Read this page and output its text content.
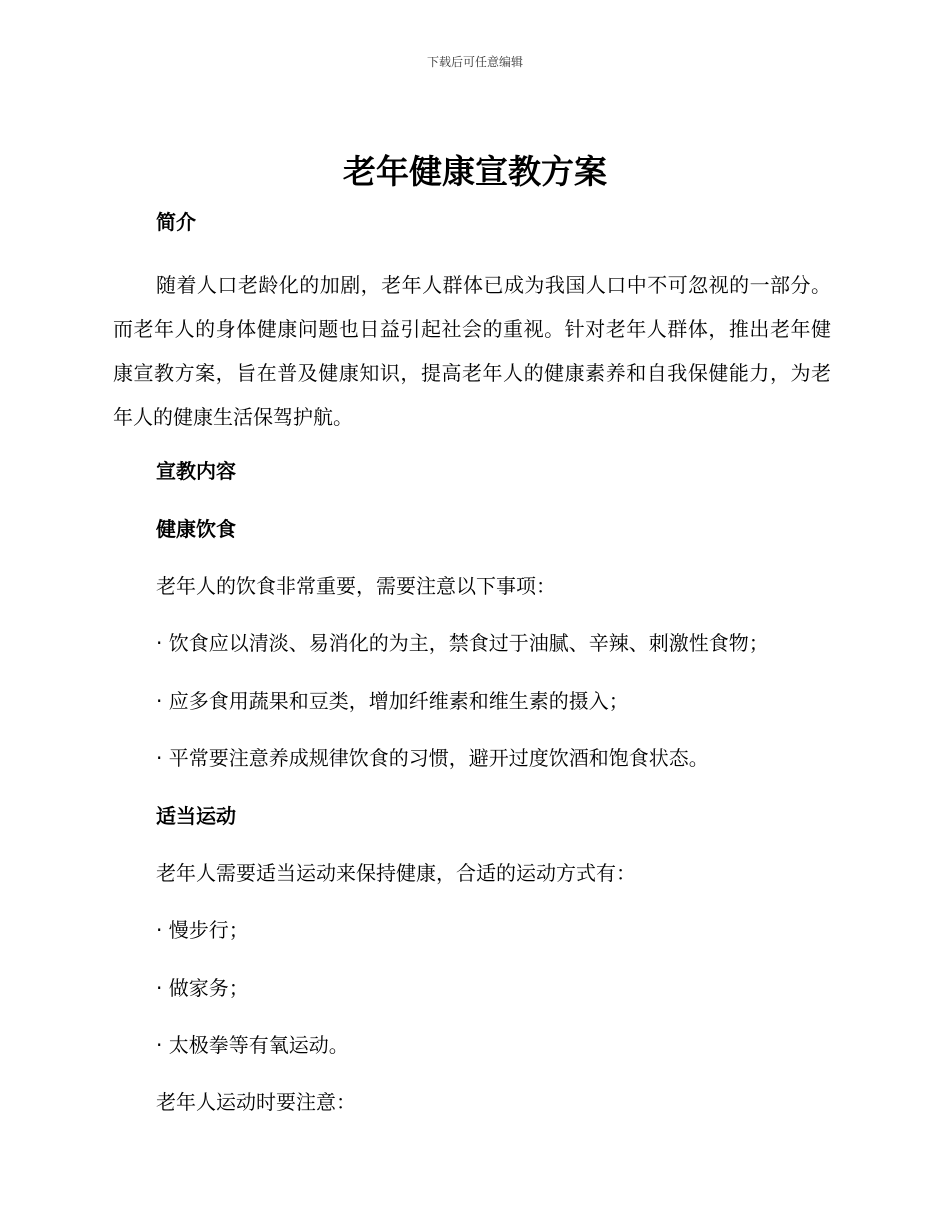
下载后可任意编辑
老年健康宣教方案
简介

随着人口老龄化的加剧，老年人群体已成为我国人口中不可忽视的一部分。而老年人的身体健康问题也日益引起社会的重视。针对老年人群体，推出老年健康宣教方案，旨在普及健康知识，提高老年人的健康素养和自我保健能力，为老年人的健康生活保驾护航。

宣教内容
健康饮食
老年人的饮食非常重要，需要注意以下事项：
· 饮食应以清淡、易消化的为主，禁食过于油腻、辛辣、刺激性食物；
· 应多食用蔬果和豆类，增加纤维素和维生素的摄入；
· 平常要注意养成规律饮食的习惯，避开过度饮酒和饱食状态。
适当运动
老年人需要适当运动来保持健康，合适的运动方式有：
· 慢步行；
· 做家务；
· 太极拳等有氧运动。
老年人运动时要注意：
